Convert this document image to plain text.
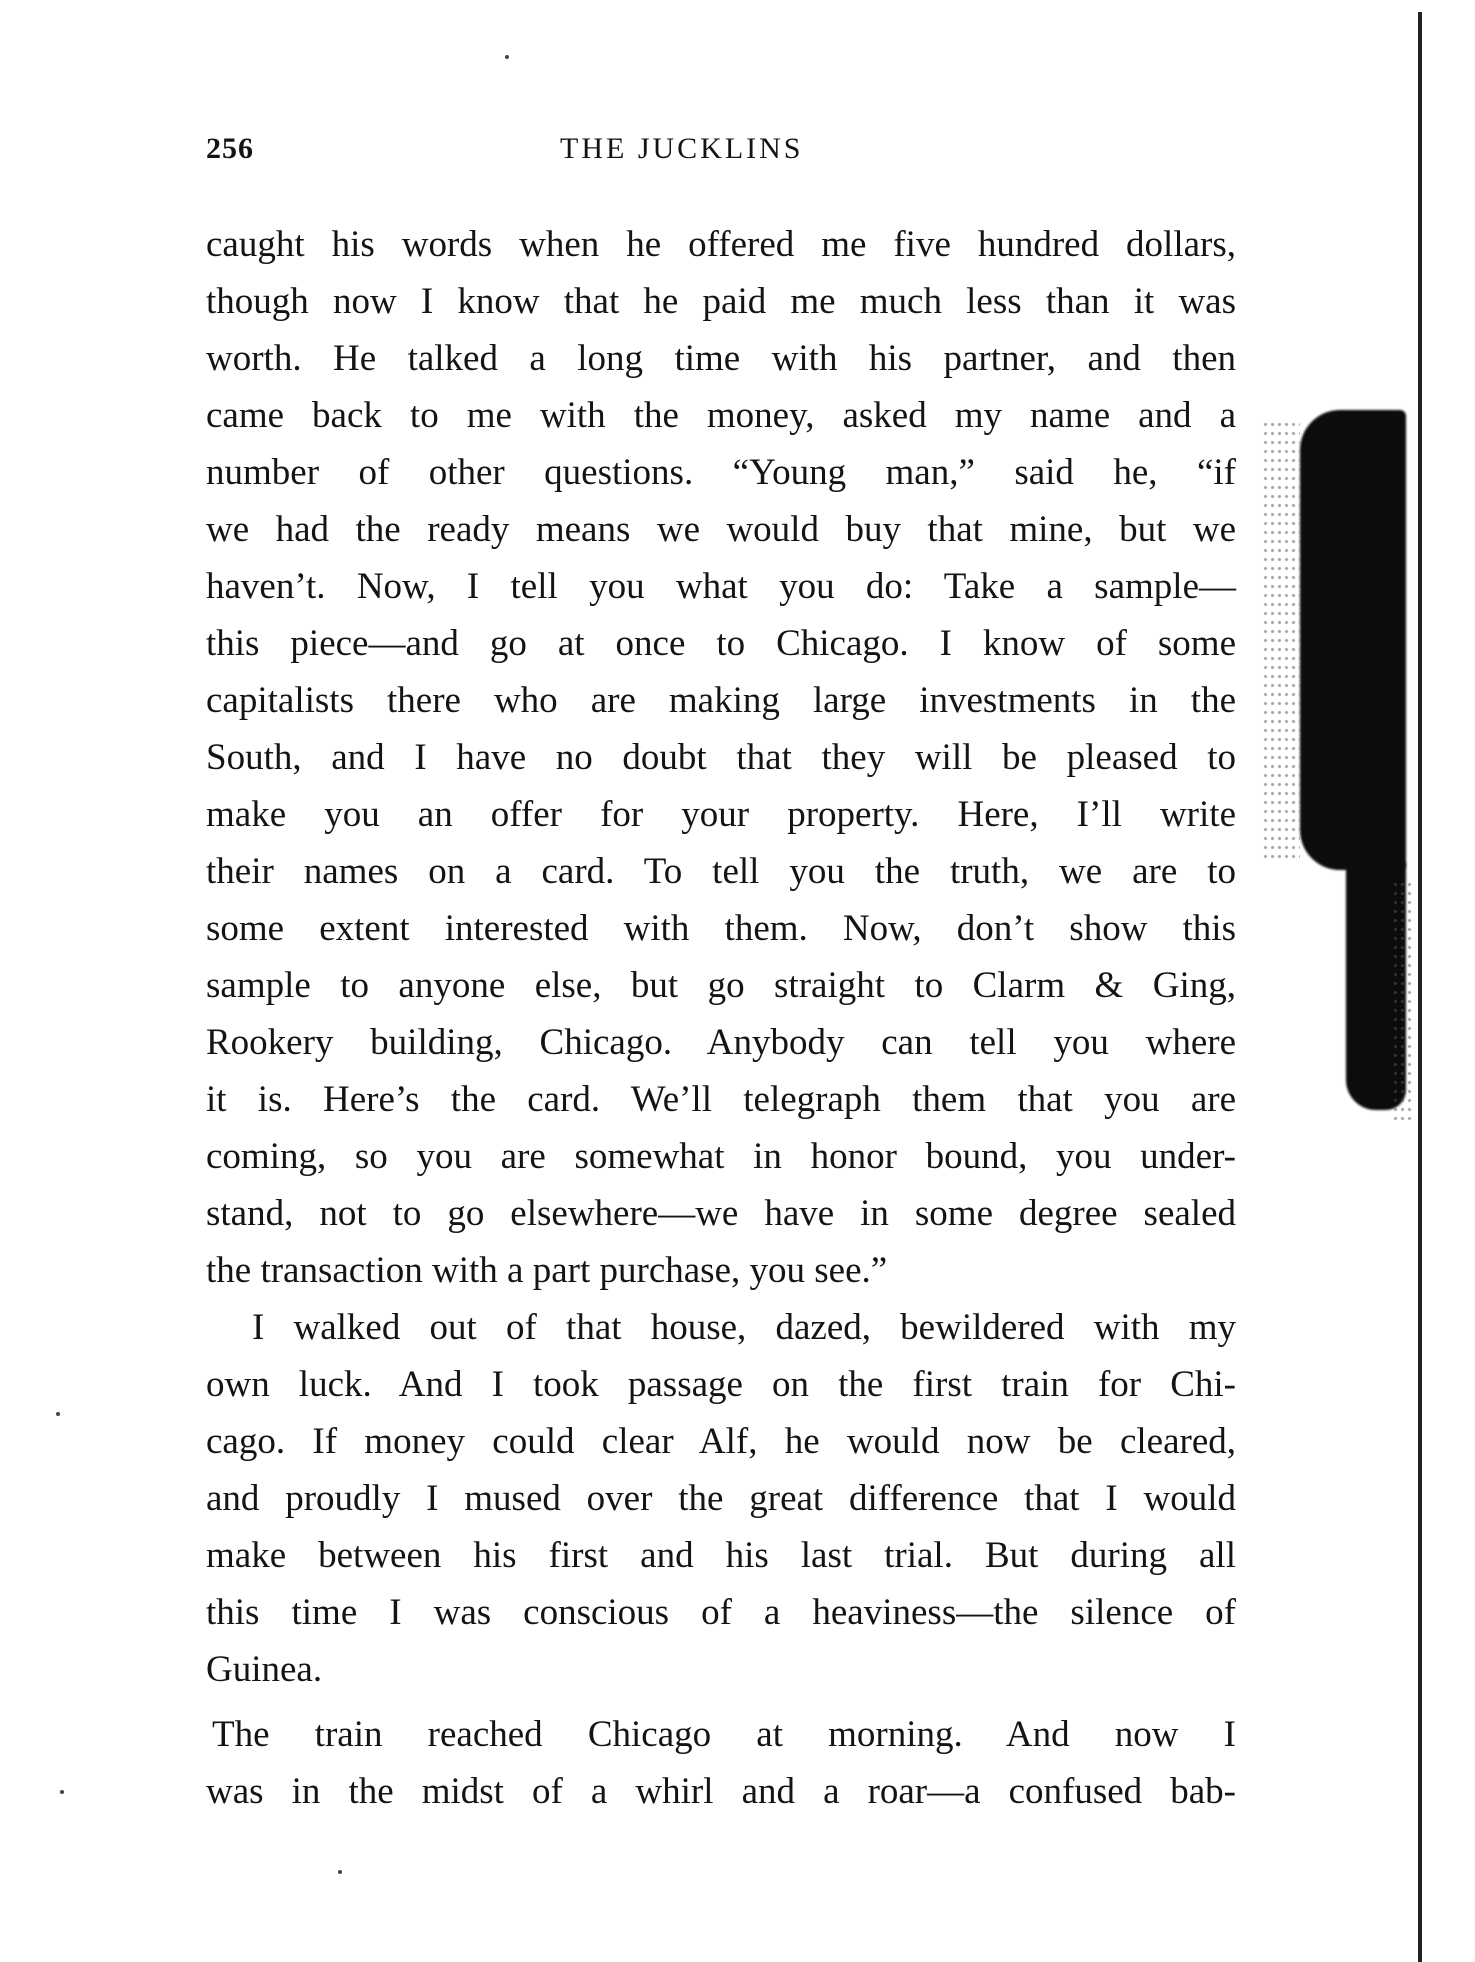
256	THE JUCKLINS
caught his words when he offered me five hundred dollars,
though now I know that he paid me much less than it was
worth. He talked a long time with his partner, and then
came back to me with the money, asked my name and a
number of other questions. “Young man,” said he, “if
we had the ready means we would buy that mine, but we
haven’t. Now, I tell you what you do: Take a sample—
this piece—and go at once to Chicago. I know of some
capitalists there who are making large investments in the
South, and I have no doubt that they will be pleased to
make you an offer for your property. Here, I’ll write
their names on a card. To tell you the truth, we are to
some extent interested with them. Now, don’t show this
sample to anyone else, but go straight to Clarm & Ging,
Rookery building, Chicago. Anybody can tell you where
it is. Here’s the card. We’ll telegraph them that you are
coming, so you are somewhat in honor bound, you under-
stand, not to go elsewhere—we have in some degree sealed
the transaction with a part purchase, you see.”
I walked out of that house, dazed, bewildered with my
own luck. And I took passage on the first train for Chi-
cago. If money could clear Alf, he would now be cleared,
and proudly I mused over the great difference that I would
make between his first and his last trial. But during all
this time I was conscious of a heaviness—the silence of
Guinea.
The train reached Chicago at morning. And now I
was in the midst of a whirl and a roar—a confused bab-
